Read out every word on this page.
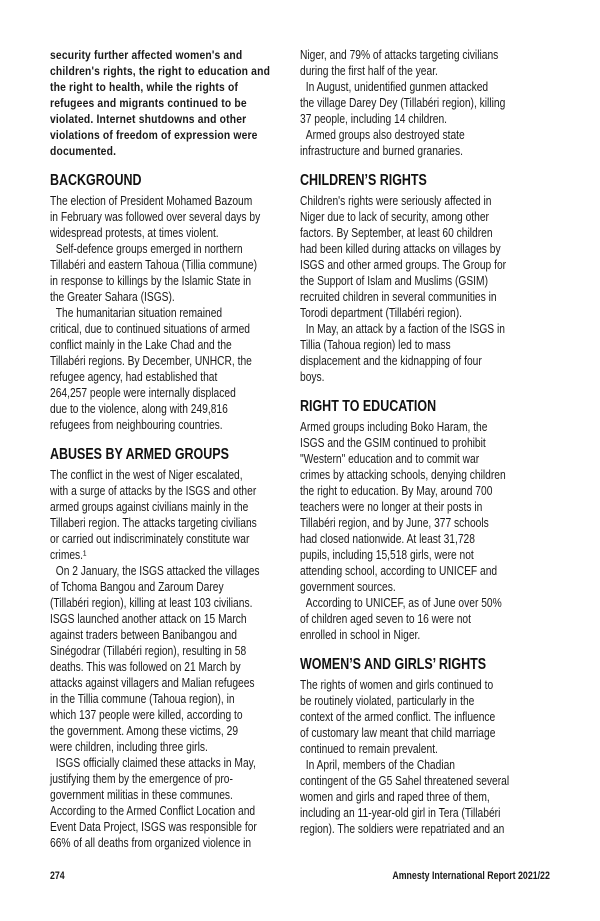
security further affected women's and
children's rights, the right to education and
the right to health, while the rights of
refugees and migrants continued to be
violated. Internet shutdowns and other
violations of freedom of expression were
documented.
BACKGROUND
The election of President Mohamed Bazoum
in February was followed over several days by
widespread protests, at times violent.
Self-defence groups emerged in northern
Tillabéri and eastern Tahoua (Tillia commune)
in response to killings by the Islamic State in
the Greater Sahara (ISGS).
The humanitarian situation remained
critical, due to continued situations of armed
conflict mainly in the Lake Chad and the
Tillabéri regions. By December, UNHCR, the
refugee agency, had established that
264,257 people were internally displaced
due to the violence, along with 249,816
refugees from neighbouring countries.
ABUSES BY ARMED GROUPS
The conflict in the west of Niger escalated,
with a surge of attacks by the ISGS and other
armed groups against civilians mainly in the
Tillaberi region. The attacks targeting civilians
or carried out indiscriminately constitute war
crimes.¹
On 2 January, the ISGS attacked the villages
of Tchoma Bangou and Zaroum Darey
(Tillabéri region), killing at least 103 civilians.
ISGS launched another attack on 15 March
against traders between Banibangou and
Sinégodrar (Tillabéri region), resulting in 58
deaths. This was followed on 21 March by
attacks against villagers and Malian refugees
in the Tillia commune (Tahoua region), in
which 137 people were killed, according to
the government. Among these victims, 29
were children, including three girls.
ISGS officially claimed these attacks in May,
justifying them by the emergence of pro-
government militias in these communes.
According to the Armed Conflict Location and
Event Data Project, ISGS was responsible for
66% of all deaths from organized violence in
Niger, and 79% of attacks targeting civilians
during the first half of the year.
In August, unidentified gunmen attacked
the village Darey Dey (Tillabéri region), killing
37 people, including 14 children.
Armed groups also destroyed state
infrastructure and burned granaries.
CHILDREN’S RIGHTS
Children's rights were seriously affected in
Niger due to lack of security, among other
factors. By September, at least 60 children
had been killed during attacks on villages by
ISGS and other armed groups. The Group for
the Support of Islam and Muslims (GSIM)
recruited children in several communities in
Torodi department (Tillabéri region).
In May, an attack by a faction of the ISGS in
Tillia (Tahoua region) led to mass
displacement and the kidnapping of four
boys.
RIGHT TO EDUCATION
Armed groups including Boko Haram, the
ISGS and the GSIM continued to prohibit
"Western" education and to commit war
crimes by attacking schools, denying children
the right to education. By May, around 700
teachers were no longer at their posts in
Tillabéri region, and by June, 377 schools
had closed nationwide. At least 31,728
pupils, including 15,518 girls, were not
attending school, according to UNICEF and
government sources.
According to UNICEF, as of June over 50%
of children aged seven to 16 were not
enrolled in school in Niger.
WOMEN’S AND GIRLS’ RIGHTS
The rights of women and girls continued to
be routinely violated, particularly in the
context of the armed conflict. The influence
of customary law meant that child marriage
continued to remain prevalent.
In April, members of the Chadian
contingent of the G5 Sahel threatened several
women and girls and raped three of them,
including an 11-year-old girl in Tera (Tillabéri
region). The soldiers were repatriated and an
274	Amnesty International Report 2021/22
